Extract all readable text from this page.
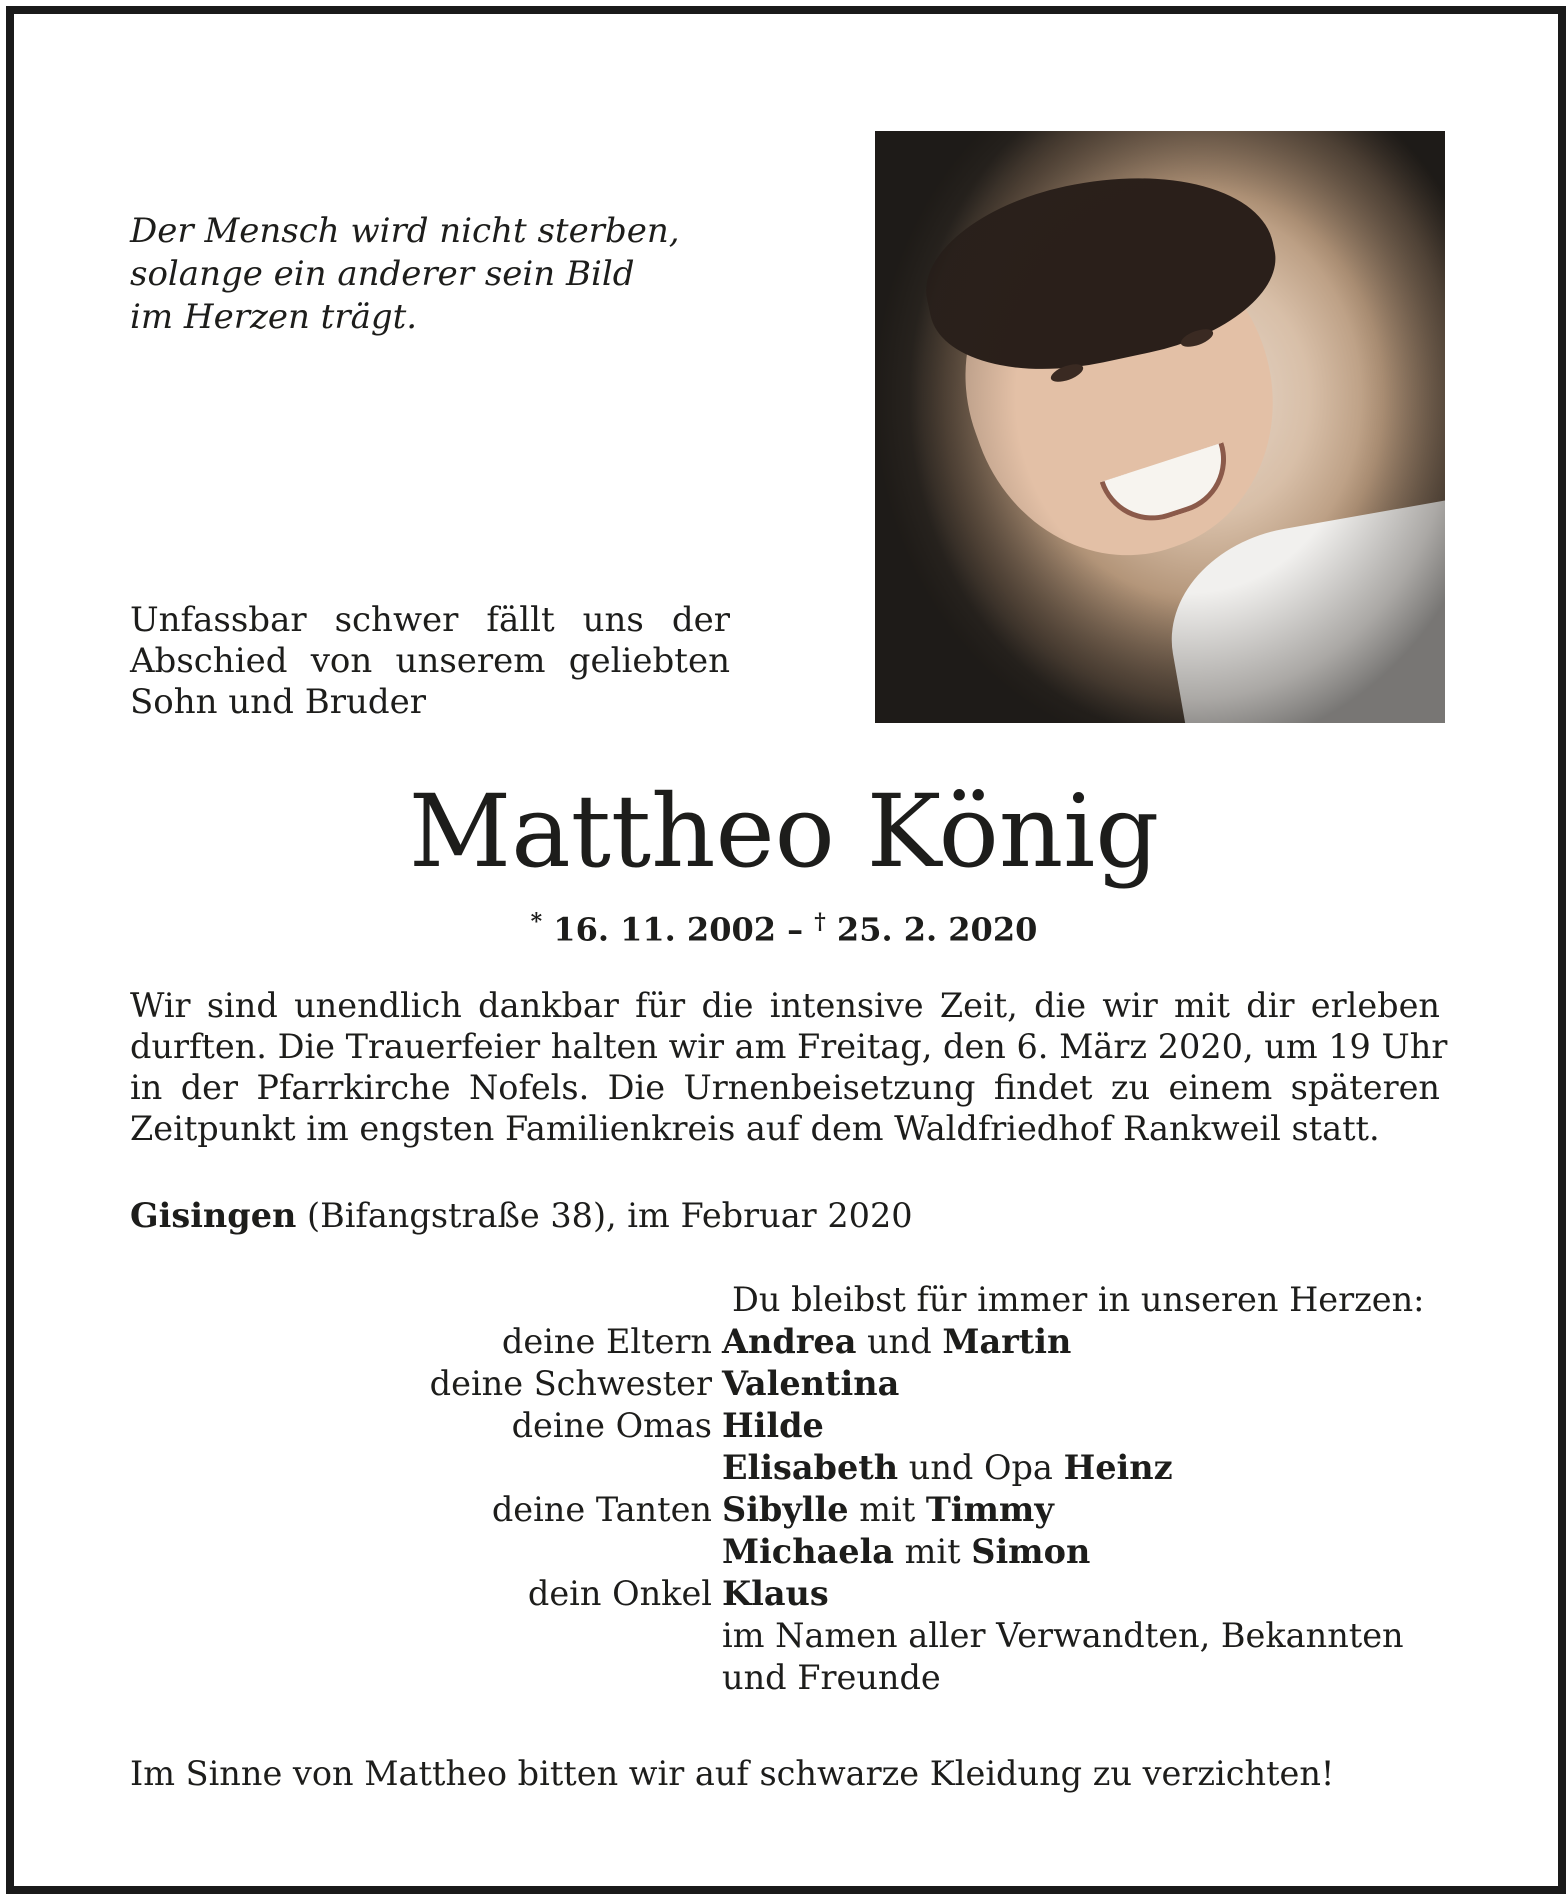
Der Mensch wird nicht sterben,
solange ein anderer sein Bild
im Herzen trägt.

Unfassbar schwer fällt uns der
Abschied von unserem geliebten
Sohn und Bruder

Mattheo König

* 16. 11. 2002 – † 25. 2. 2020

Wir sind unendlich dankbar für die intensive Zeit, die wir mit dir erleben
durften. Die Trauerfeier halten wir am Freitag, den 6. März 2020, um 19 Uhr
in der Pfarrkirche Nofels. Die Urnenbeisetzung findet zu einem späteren
Zeitpunkt im engsten Familienkreis auf dem Waldfriedhof Rankweil statt.

Gisingen (Bifangstraße 38), im Februar 2020

Du bleibst für immer in unseren Herzen:

deine Eltern Andrea und Martin
deine Schwester Valentina
deine Omas Hilde
Elisabeth und Opa Heinz
deine Tanten Sibylle mit Timmy
Michaela mit Simon
dein Onkel Klaus
im Namen aller Verwandten, Bekannten
und Freunde

Im Sinne von Mattheo bitten wir auf schwarze Kleidung zu verzichten!
